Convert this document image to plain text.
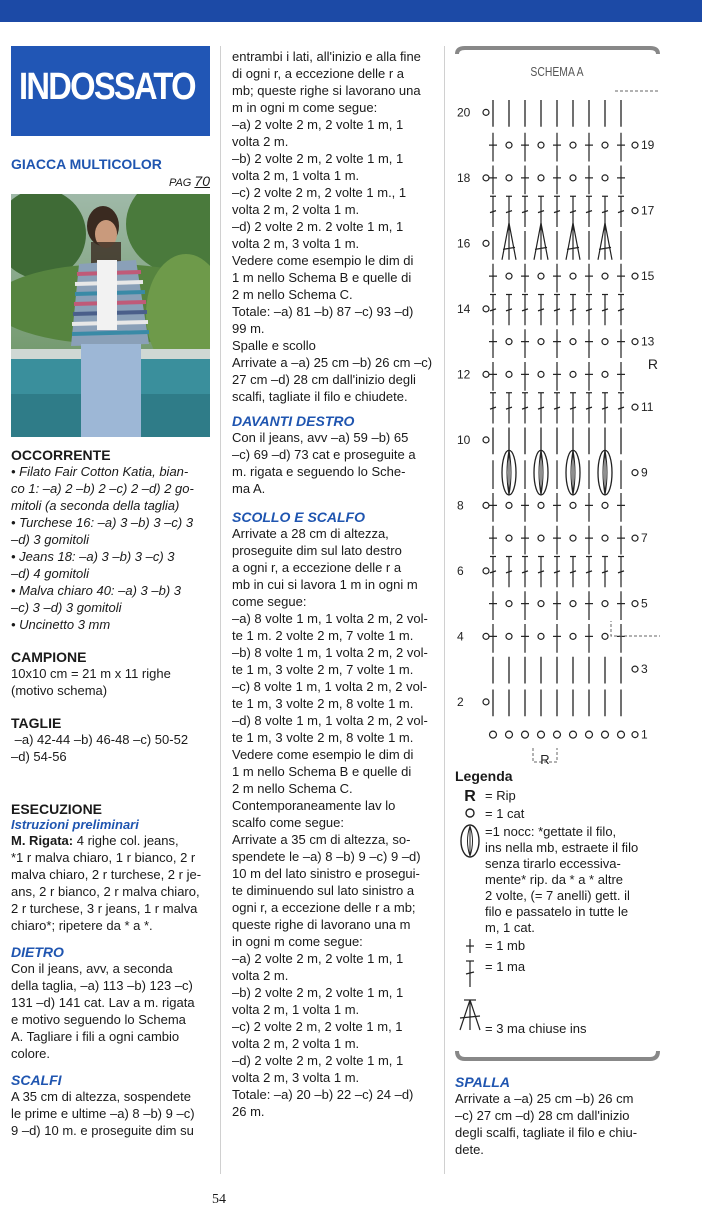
INDOSSATO
GIACCA MULTICOLOR
PAG 70
OCCORRENTE
• Filato Fair Cotton Katia, bian-
co 1: –a) 2 –b) 2 –c) 2 –d) 2 go-
mitoli (a seconda della taglia)
• Turchese 16: –a) 3 –b) 3 –c) 3
–d) 3 gomitoli
• Jeans 18: –a) 3 –b) 3 –c) 3
–d) 4 gomitoli
• Malva chiaro 40: –a) 3 –b) 3
–c) 3 –d) 3 gomitoli
• Uncinetto 3 mm
CAMPIONE
10x10 cm = 21 m x 11 righe
(motivo schema)
TAGLIE
–a) 42-44 –b) 46-48 –c) 50-52
–d) 54-56
ESECUZIONE
Istruzioni preliminari
M. Rigata: 4 righe col. jeans,
*1 r malva chiaro, 1 r bianco, 2 r
malva chiaro, 2 r turchese, 2 r je-
ans, 2 r bianco, 2 r malva chiaro,
2 r turchese, 3 r jeans, 1 r malva
chiaro*; ripetere da * a *.
DIETRO
Con il jeans, avv, a seconda
della taglia, –a) 113 –b) 123 –c)
131 –d) 141 cat. Lav a m. rigata
e motivo seguendo lo Schema
A. Tagliare i fili a ogni cambio
colore.
SCALFI
A 35 cm di altezza, sospendete
le prime e ultime –a) 8 –b) 9 –c)
9 –d) 10 m. e proseguite dim su
entrambi i lati, all'inizio e alla fine
di ogni r, a eccezione delle r a
mb; queste righe si lavorano una
m in ogni m come segue:
–a) 2 volte 2 m, 2 volte 1 m, 1
volta 2 m.
–b) 2 volte 2 m, 2 volte 1 m, 1
volta 2 m, 1 volta 1 m.
–c) 2 volte 2 m, 2 volte 1 m., 1
volta 2 m, 2 volta 1 m.
–d) 2 volte 2 m. 2 volte 1 m, 1
volta 2 m, 3 volta 1 m.
Vedere come esempio le dim di
1 m nello Schema B e quelle di
2 m nello Schema C.
Totale: –a) 81 –b) 87 –c) 93 –d)
99 m.
Spalle e scollo
Arrivate a –a) 25 cm –b) 26 cm –c)
27 cm –d) 28 cm dall'inizio degli
scalfi, tagliate il filo e chiudete.
DAVANTI DESTRO
Con il jeans, avv –a) 59 –b) 65
–c) 69 –d) 73 cat e proseguite a
m. rigata e seguendo lo Sche-
ma A.
SCOLLO E SCALFO
Arrivate a 28 cm di altezza,
proseguite dim sul lato destro
a ogni r, a eccezione delle r a
mb in cui si lavora 1 m in ogni m
come segue:
–a) 8 volte 1 m, 1 volta 2 m, 2 vol-
te 1 m. 2 volte 2 m, 7 volte 1 m.
–b) 8 volte 1 m, 1 volta 2 m, 2 vol-
te 1 m, 3 volte 2 m, 7 volte 1 m.
–c) 8 volte 1 m, 1 volta 2 m, 2 vol-
te 1 m, 3 volte 2 m, 8 volte 1 m.
–d) 8 volte 1 m, 1 volta 2 m, 2 vol-
te 1 m, 3 volte 2 m, 8 volte 1 m.
Vedere come esempio le dim di
1 m nello Schema B e quelle di
2 m nello Schema C.
Contemporaneamente lav lo
scalfo come segue:
Arrivate a 35 cm di altezza, so-
spendete le –a) 8 –b) 9 –c) 9 –d)
10 m del lato sinistro e prosegui-
te diminuendo sul lato sinistro a
ogni r, a eccezione delle r a mb;
queste righe di lavorano una m
in ogni m come segue:
–a) 2 volte 2 m, 2 volte 1 m, 1
volta 2 m.
–b) 2 volte 2 m, 2 volte 1 m, 1
volta 2 m, 1 volta 1 m.
–c) 2 volte 2 m, 2 volte 1 m, 1
volta 2 m, 2 volta 1 m.
–d) 2 volte 2 m, 2 volte 1 m, 1
volta 2 m, 3 volta 1 m.
Totale: –a) 20 –b) 22 –c) 24 –d)
26 m.
SCHEMA A
20
18
16
14
12
10
8
6
4
2
19
17
15
13
11
9
7
5
3
1
R
R
Legenda
R = Rip

= 1 cat

=1 nocc: *gettate il filo,

ins nella mb, estraete il filo

senza tirarlo eccessiva-

mente* rip. da * a * altre

2 volte, (= 7 anelli) gett. il

filo e passatelo in tutte le

m, 1 cat.

= 1 mb

= 1 ma

= 3 ma chiuse ins

SPALLA
Arrivate a –a) 25 cm –b) 26 cm
–c) 27 cm –d) 28 cm dall'inizio
degli scalfi, tagliate il filo e chiu-
dete.
54
